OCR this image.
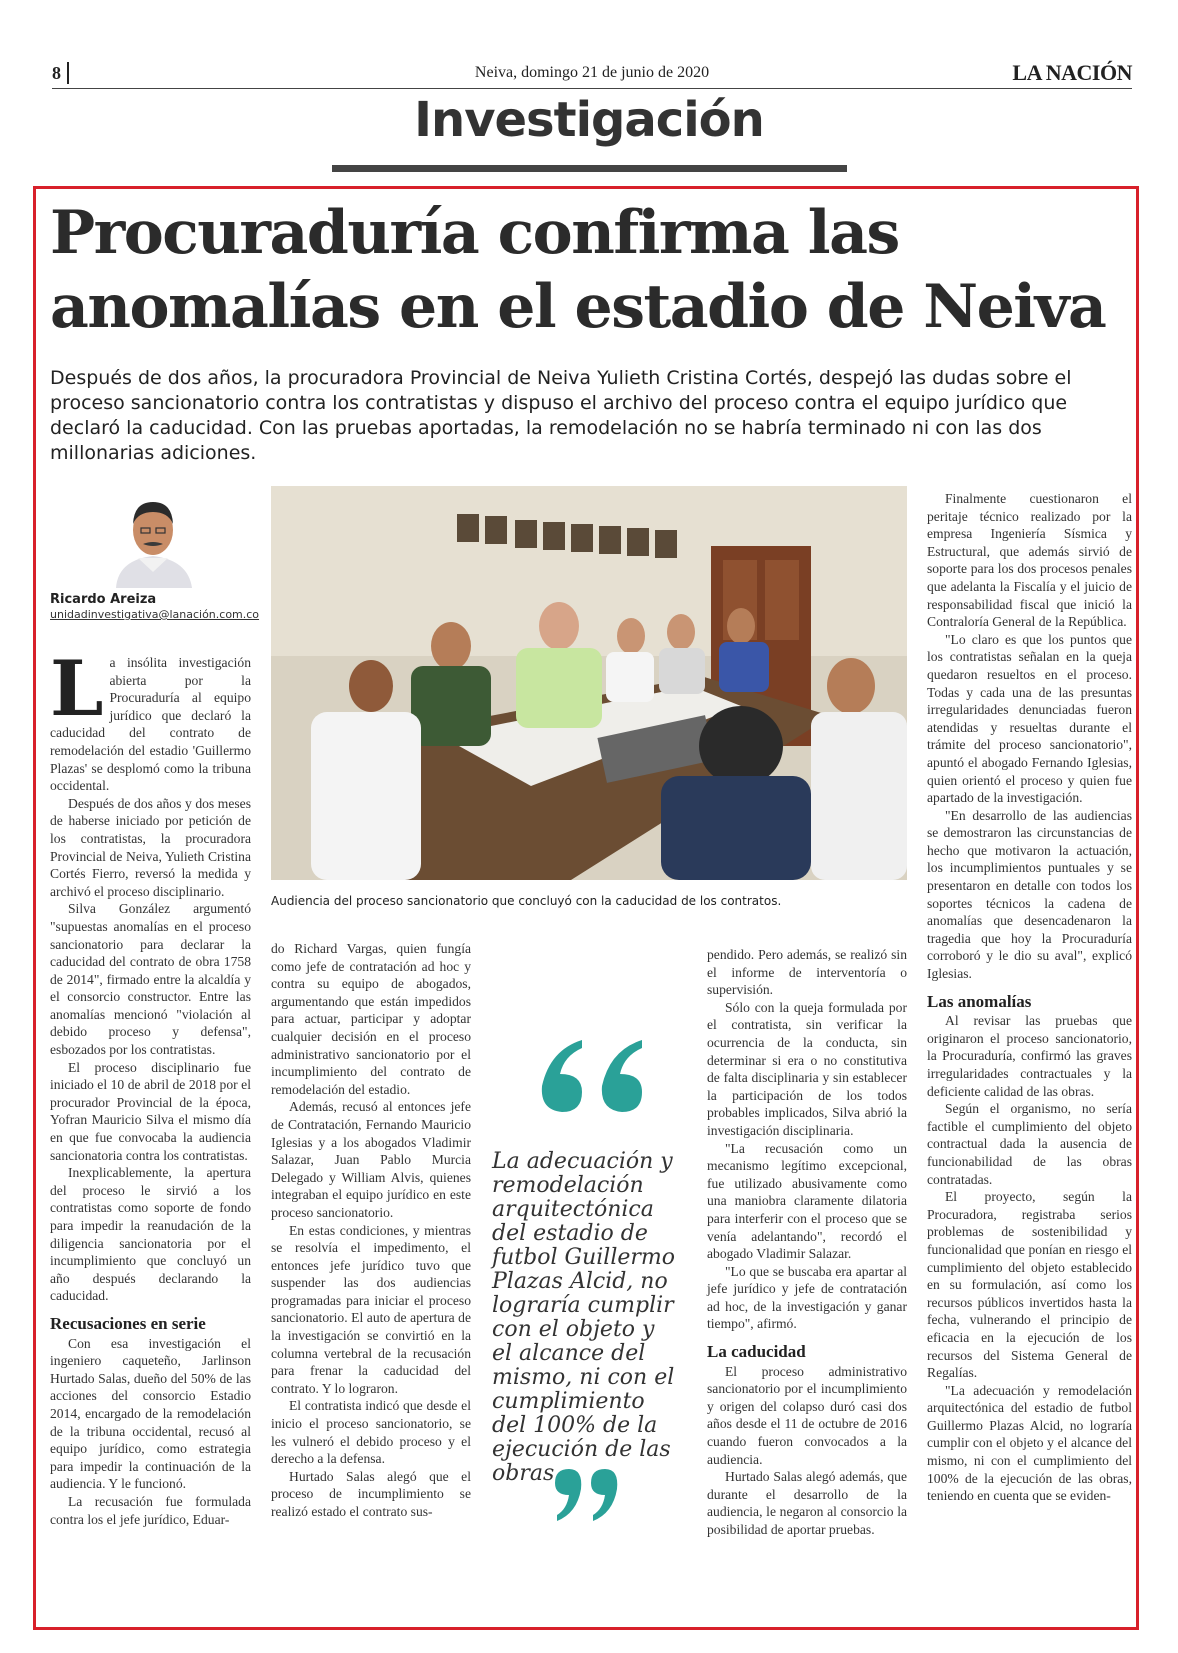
8	Neiva, domingo 21 de junio de 2020	LA NACIÓN
Investigación
Procuraduría confirma las
anomalías en el estadio de Neiva
Después de dos años, la procuradora Provincial de Neiva Yulieth Cristina Cortés, despejó las dudas sobre el proceso sancionatorio contra los contratistas y dispuso el archivo del proceso contra el equipo jurídico que declaró la caducidad. Con las pruebas aportadas, la remodelación no se habría terminado ni con las dos millonarias adiciones.
Ricardo Areiza
unidadinvestigativa@lanación.com.co
Audiencia del proceso sancionatorio que concluyó con la caducidad de los contratos.

La insólita investigación abierta por la Procuraduría al equipo jurídico que declaró la caducidad del contrato de remodelación del estadio 'Guillermo Plazas' se desplomó como la tribuna occidental.

Después de dos años y dos meses de haberse iniciado por petición de los contratistas, la procuradora Provincial de Neiva, Yulieth Cristina Cortés Fierro, reversó la medida y archivó el proceso disciplinario.

Silva González argumentó "supuestas anomalías en el proceso sancionatorio para declarar la caducidad del contrato de obra 1758 de 2014", firmado entre la alcaldía y el consorcio constructor. Entre las anomalías mencionó "violación al debido proceso y defensa", esbozados por los contratistas.

El proceso disciplinario fue iniciado el 10 de abril de 2018 por el procurador Provincial de la época, Yofran Mauricio Silva el mismo día en que fue convocaba la audiencia sancionatoria contra los contratistas.

Inexplicablemente, la apertura del proceso le sirvió a los contratistas como soporte de fondo para impedir la reanudación de la diligencia sancionatoria por el incumplimiento que concluyó un año después declarando la caducidad.

Recusaciones en serie

Con esa investigación el ingeniero caqueteño, Jarlinson Hurtado Salas, dueño del 50% de las acciones del consorcio Estadio 2014, encargado de la remodelación de la tribuna occidental, recusó al equipo jurídico, como estrategia para impedir la continuación de la audiencia. Y le funcionó.

La recusación fue formulada contra los el jefe jurídico, Eduar-

do Richard Vargas, quien fungía como jefe de contratación ad hoc y contra su equipo de abogados, argumentando que están impedidos para actuar, participar y adoptar cualquier decisión en el proceso administrativo sancionatorio por el incumplimiento del contrato de remodelación del estadio.

Además, recusó al entonces jefe de Contratación, Fernando Mauricio Iglesias y a los abogados Vladimir Salazar, Juan Pablo Murcia Delegado y William Alvis, quienes integraban el equipo jurídico en este proceso sancionatorio.

En estas condiciones, y mientras se resolvía el impedimento, el entonces jefe jurídico tuvo que suspender las dos audiencias programadas para iniciar el proceso sancionatorio. El auto de apertura de la investigación se convirtió en la columna vertebral de la recusación para frenar la caducidad del contrato. Y lo lograron.

El contratista indicó que desde el inicio el proceso sancionatorio, se les vulneró el debido proceso y el derecho a la defensa.

Hurtado Salas alegó que el proceso de incumplimiento se realizó estado el contrato sus-

La adecuación y remodelación arquitectónica del estadio de futbol Guillermo Plazas Alcid, no lograría cumplir con el objeto y el alcance del mismo, ni con el cumplimiento del 100% de la ejecución de las obras

pendido. Pero además, se realizó sin el informe de interventoría o supervisión.

Sólo con la queja formulada por el contratista, sin verificar la ocurrencia de la conducta, sin determinar si era o no constitutiva de falta disciplinaria y sin establecer la participación de los todos probables implicados, Silva abrió la investigación disciplinaria.

"La recusación como un mecanismo legítimo excepcional, fue utilizado abusivamente como una maniobra claramente dilatoria para interferir con el proceso que se venía adelantando", recordó el abogado Vladimir Salazar.

"Lo que se buscaba era apartar al jefe jurídico y jefe de contratación ad hoc, de la investigación y ganar tiempo", afirmó.

La caducidad

El proceso administrativo sancionatorio por el incumplimiento y origen del colapso duró casi dos años desde el 11 de octubre de 2016 cuando fueron convocados a la audiencia.

Hurtado Salas alegó además, que durante el desarrollo de la audiencia, le negaron al consorcio la posibilidad de aportar pruebas.

Finalmente cuestionaron el peritaje técnico realizado por la empresa Ingeniería Sísmica y Estructural, que además sirvió de soporte para los dos procesos penales que adelanta la Fiscalía y el juicio de responsabilidad fiscal que inició la Contraloría General de la República.

"Lo claro es que los puntos que los contratistas señalan en la queja quedaron resueltos en el proceso. Todas y cada una de las presuntas irregularidades denunciadas fueron atendidas y resueltas durante el trámite del proceso sancionatorio", apuntó el abogado Fernando Iglesias, quien orientó el proceso y quien fue apartado de la investigación.

"En desarrollo de las audiencias se demostraron las circunstancias de hecho que motivaron la actuación, los incumplimientos puntuales y se presentaron en detalle con todos los soportes técnicos la cadena de anomalías que desencadenaron la tragedia que hoy la Procuraduría corroboró y le dio su aval", explicó Iglesias.

Las anomalías

Al revisar las pruebas que originaron el proceso sancionatorio, la Procuraduría, confirmó las graves irregularidades contractuales y la deficiente calidad de las obras.

Según el organismo, no sería factible el cumplimiento del objeto contractual dada la ausencia de funcionabilidad de las obras contratadas.

El proyecto, según la Procuradora, registraba serios problemas de sostenibilidad y funcionalidad que ponían en riesgo el cumplimiento del objeto establecido en su formulación, así como los recursos públicos invertidos hasta la fecha, vulnerando el principio de eficacia en la ejecución de los recursos del Sistema General de Regalías.

"La adecuación y remodelación arquitectónica del estadio de futbol Guillermo Plazas Alcid, no lograría cumplir con el objeto y el alcance del mismo, ni con el cumplimiento del 100% de la ejecución de las obras, teniendo en cuenta que se eviden-
